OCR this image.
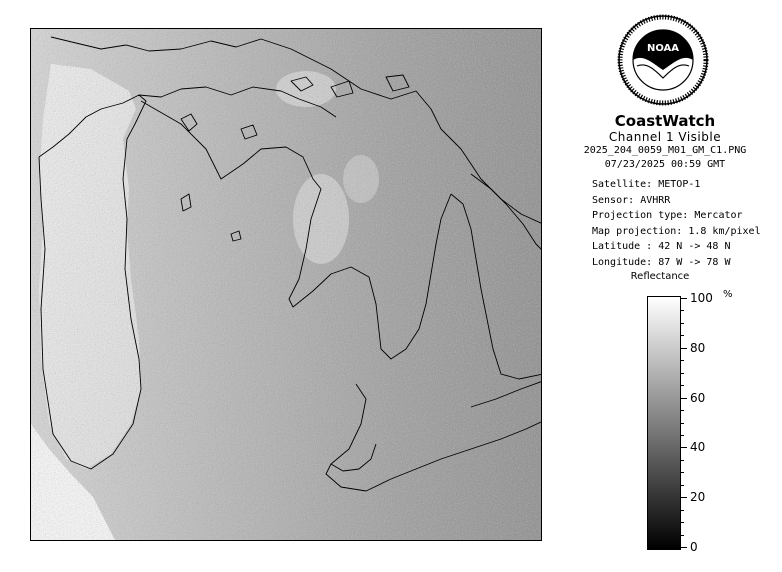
NOAA
CoastWatch
Channel 1 Visible
2025_204_0059_M01_GM_C1.PNG
07/23/2025 00:59 GMT
Satellite: METOP-1
Sensor: AVHRR
Projection type: Mercator
Map projection: 1.8 km/pixel
Latitude : 42 N -> 48 N
Longitude: 87 W -> 78 W
Reflectance
%
100
80
60
40
20
0
